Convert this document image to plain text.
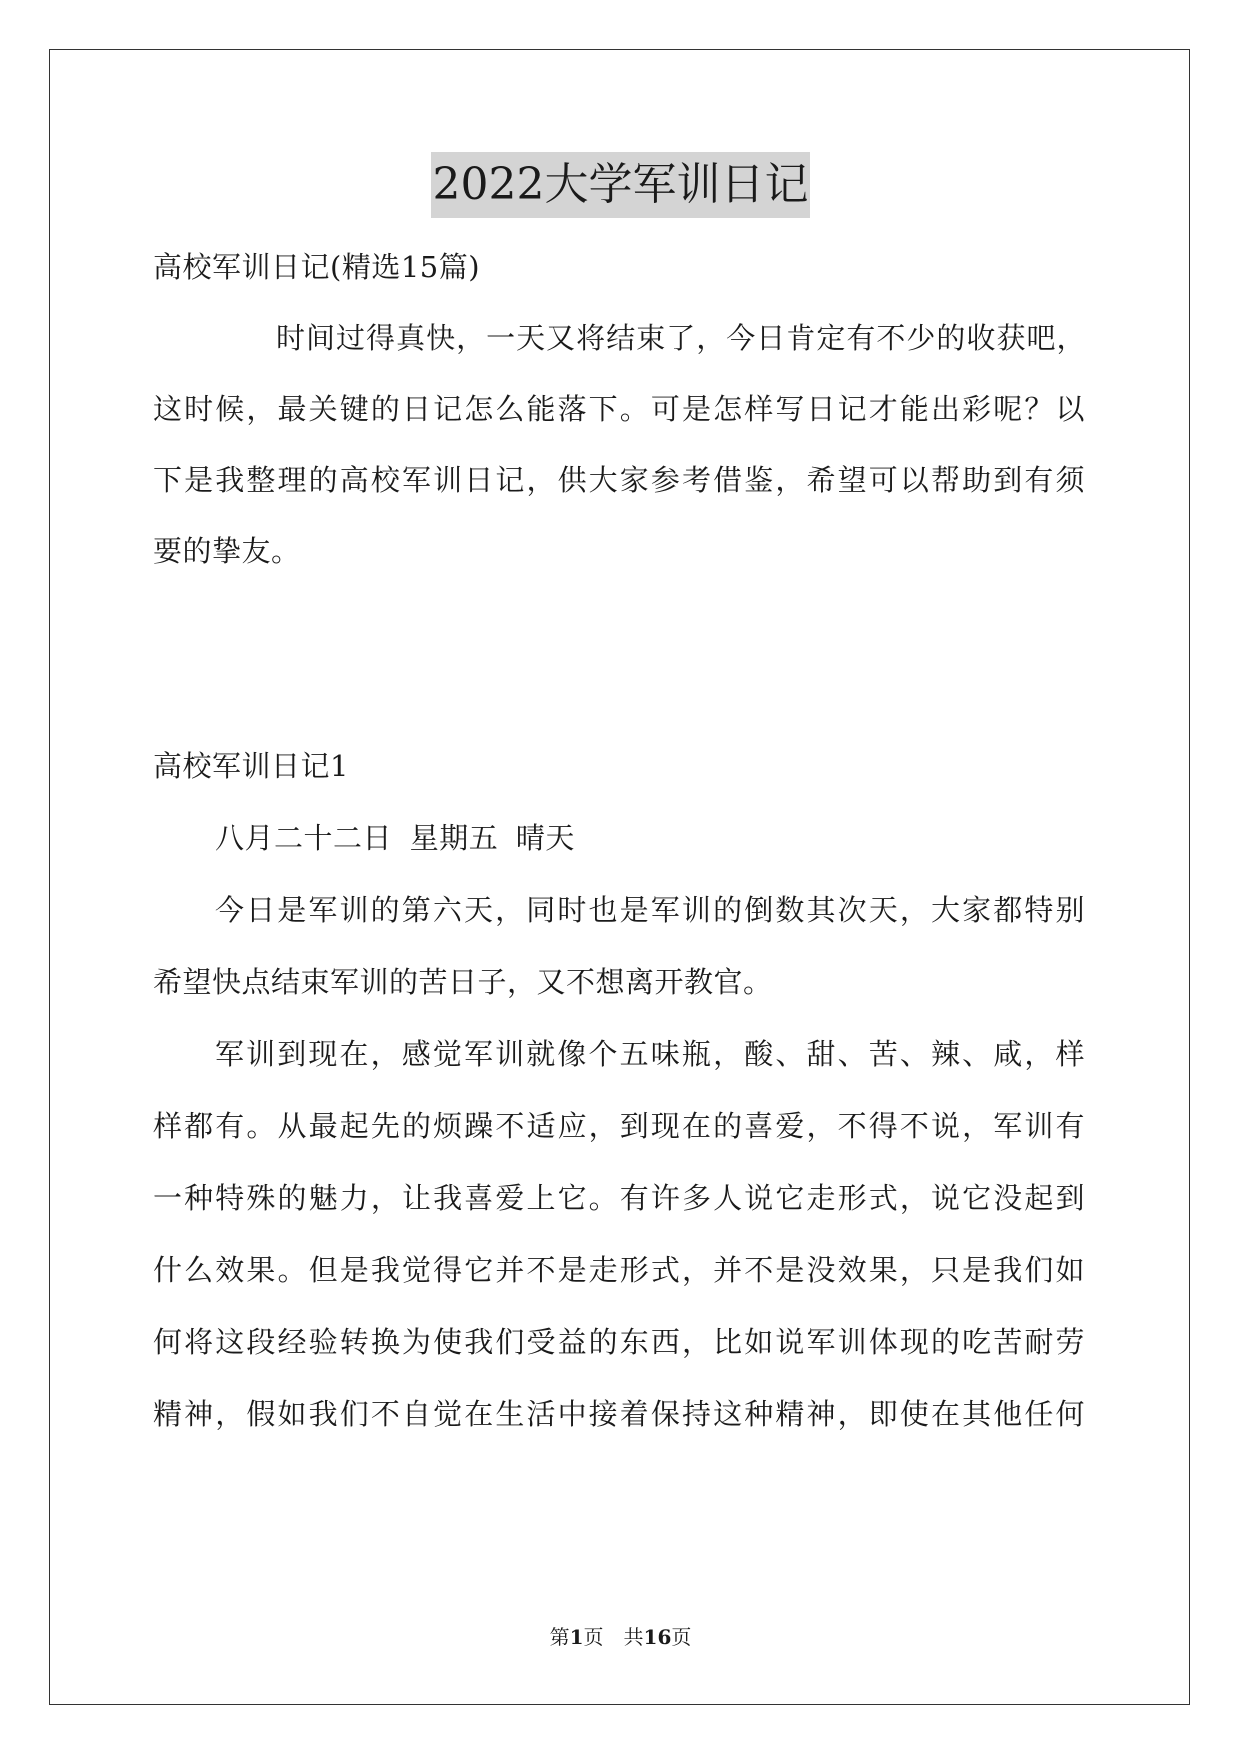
2022大学军训日记
高校军训日记(精选15篇)
时间过得真快，一天又将结束了，今日肯定有不少的收获吧，
这时候，最关键的日记怎么能落下。可是怎样写日记才能出彩呢？以
下是我整理的高校军训日记，供大家参考借鉴，希望可以帮助到有须
要的挚友。
高校军训日记1
八月二十二日 星期五 晴天
今日是军训的第六天，同时也是军训的倒数其次天，大家都特别
希望快点结束军训的苦日子，又不想离开教官。
军训到现在，感觉军训就像个五味瓶，酸、甜、苦、辣、咸，样
样都有。从最起先的烦躁不适应，到现在的喜爱，不得不说，军训有
一种特殊的魅力，让我喜爱上它。有许多人说它走形式，说它没起到
什么效果。但是我觉得它并不是走形式，并不是没效果，只是我们如
何将这段经验转换为使我们受益的东西，比如说军训体现的吃苦耐劳
精神，假如我们不自觉在生活中接着保持这种精神，即使在其他任何
第1页　共16页
